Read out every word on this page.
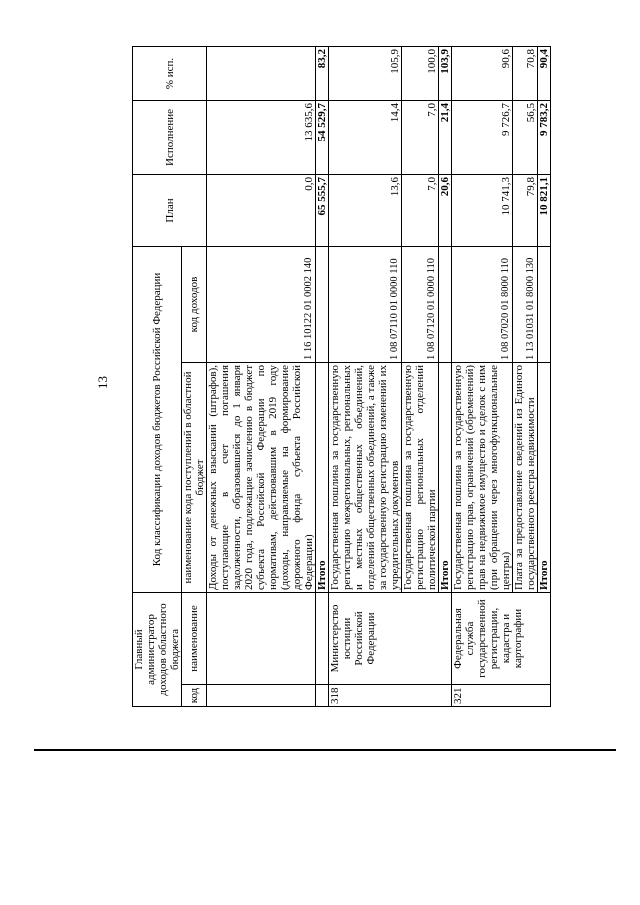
13
Главный администратор доходов областного бюджета		Код классификации доходов бюджетов Российской Федерации		План	Исполнение	% исп.
код	наименование	наименование кода поступлений в областной бюджет	код доходов			
		Доходы от денежных взысканий (штрафов), поступающие в счет погашения задолженности, образовавшейся до 1 января 2020 года, подлежащие зачислению в бюджет субъекта Российской Федерации по нормативам, действовавшим в 2019 году (доходы, направляемые на формирование дорожного фонда субъекта Российской Федерации)	1 16 10122 01 0002 140	0,0	13 635,6	
		Итого		65 555,7	54 529,7	83,2
318	Министерство юстиции Российской Федерации	Государственная пошлина за государственную регистрацию межрегиональных, региональных и местных общественных объединений, отделений общественных объединений, а также за государственную регистрацию изменений их учредительных документов	1 08 07110 01 0000 110	13,6	14,4	105,9
		Государственная пошлина за государственную регистрацию региональных отделений политической партии	1 08 07120 01 0000 110	7,0	7,0	100,0
		Итого		20,6	21,4	103,9
321	Федеральная служба государственной регистрации, кадастра и картографии	Государственная пошлина за государственную регистрацию прав, ограничений (обременений) прав на недвижимое имущество и сделок с ним (при обращении через многофункциональные центры)	1 08 07020 01 8000 110	10 741,3	9 726,7	90,6
		Плата за предоставление сведений из Единого государственного реестра недвижимости	1 13 01031 01 8000 130	79,8	56,5	70,8
		Итого		10 821,1	9 783,2	90,4
